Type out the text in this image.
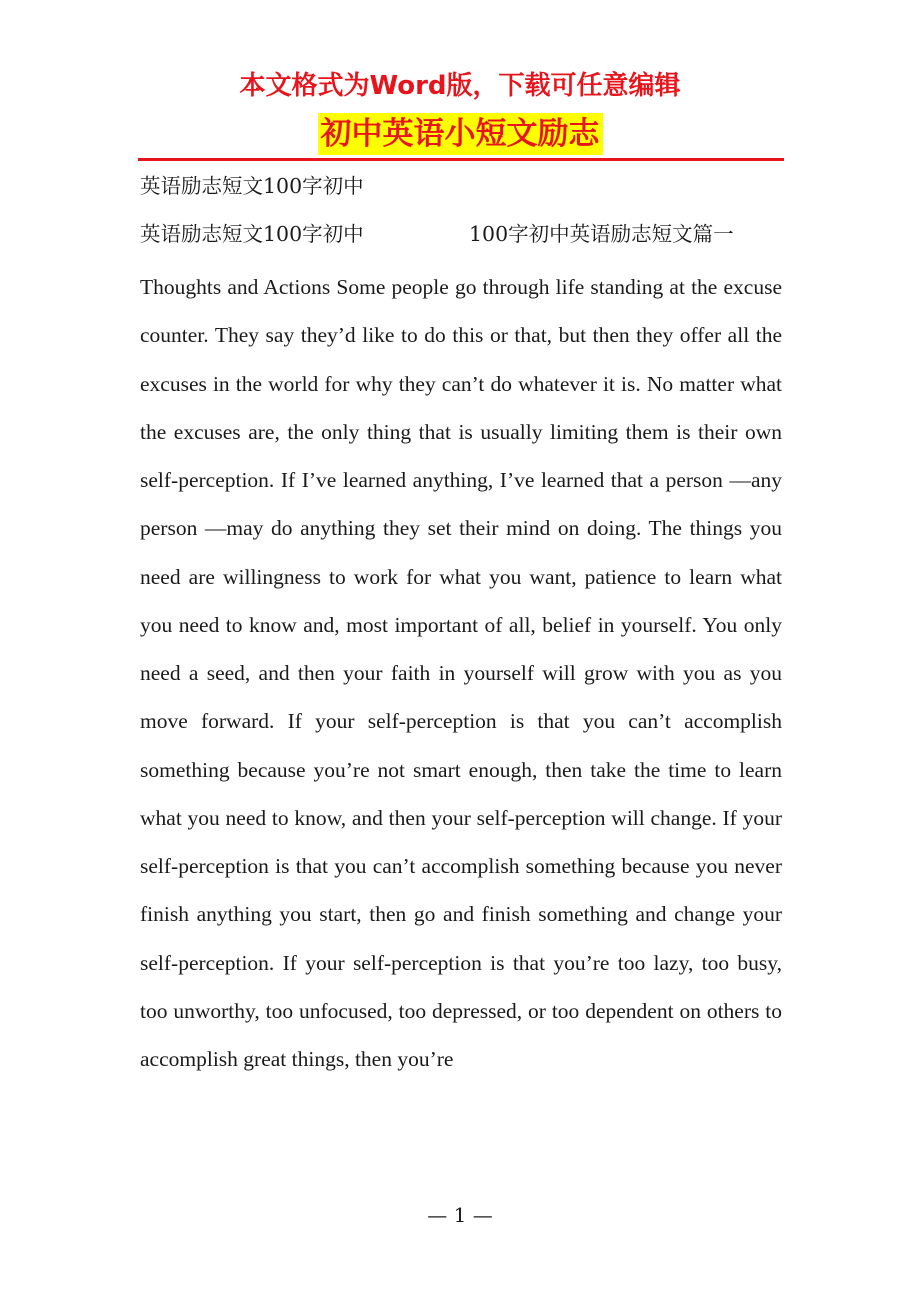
本文格式为Word版，下载可任意编辑
初中英语小短文励志
英语励志短文100字初中
英语励志短文100字初中	100字初中英语励志短文篇一

Thoughts and Actions Some people go through life standing at the excuse counter. They say they’d like to do this or that, but then they offer all the excuses in the world for why they can’t do whatever it is. No matter what the excuses are, the only thing that is usually limiting them is their own self-perception. If I’ve learned anything, I’ve learned that a person —any person —may do anything they set their mind on doing. The things you need are willingness to work for what you want, patience to learn what you need to know and, most important of all, belief in yourself. You only need a seed, and then your faith in yourself will grow with you as you move forward. If your self-perception is that you can’t accomplish something because you’re not smart enough, then take the time to learn what you need to know, and then your self-perception will change. If your self-perception is that you can’t accomplish something because you never finish anything you start, then go and finish something and change your self-perception. If your self-perception is that you’re too lazy, too busy, too unworthy, too unfocused, too depressed, or too dependent on others to accomplish great things, then you’re

— 1 —
